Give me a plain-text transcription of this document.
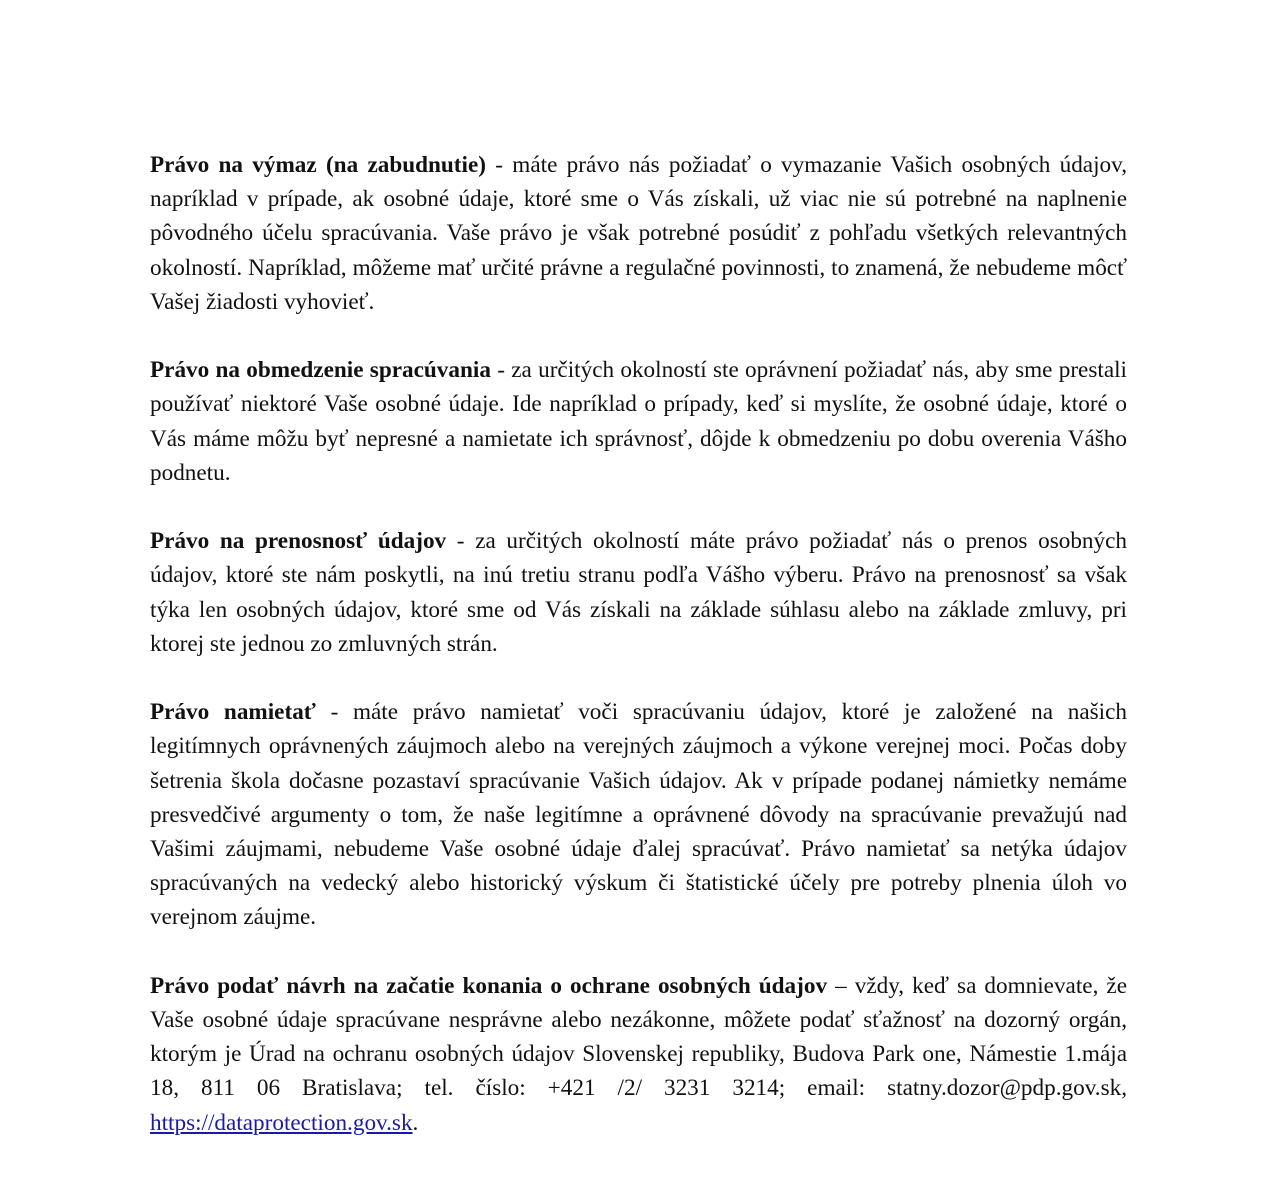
Právo na výmaz (na zabudnutie) - máte právo nás požiadať o vymazanie Vašich osobných údajov, napríklad v prípade, ak osobné údaje, ktoré sme o Vás získali, už viac nie sú potrebné na naplnenie pôvodného účelu spracúvania. Vaše právo je však potrebné posúdiť z pohľadu všetkých relevantných okolností. Napríklad, môžeme mať určité právne a regulačné povinnosti, to znamená, že nebudeme môcť Vašej žiadosti vyhovieť.

Právo na obmedzenie spracúvania - za určitých okolností ste oprávnení požiadať nás, aby sme prestali používať niektoré Vaše osobné údaje. Ide napríklad o prípady, keď si myslíte, že osobné údaje, ktoré o Vás máme môžu byť nepresné a namietate ich správnosť, dôjde k obmedzeniu po dobu overenia Vášho podnetu.

Právo na prenosnosť údajov - za určitých okolností máte právo požiadať nás o prenos osobných údajov, ktoré ste nám poskytli, na inú tretiu stranu podľa Vášho výberu. Právo na prenosnosť sa však týka len osobných údajov, ktoré sme od Vás získali na základe súhlasu alebo na základe zmluvy, pri ktorej ste jednou zo zmluvných strán.

Právo namietať - máte právo namietať voči spracúvaniu údajov, ktoré je založené na našich legitímnych oprávnených záujmoch alebo na verejných záujmoch a výkone verejnej moci. Počas doby šetrenia škola dočasne pozastaví spracúvanie Vašich údajov. Ak v prípade podanej námietky nemáme presvedčivé argumenty o tom, že naše legitímne a oprávnené dôvody na spracúvanie prevažujú nad Vašimi záujmami, nebudeme Vaše osobné údaje ďalej spracúvať. Právo namietať sa netýka údajov spracúvaných na vedecký alebo historický výskum či štatistické účely pre potreby plnenia úloh vo verejnom záujme.

Právo podať návrh na začatie konania o ochrane osobných údajov – vždy, keď sa domnievate, že Vaše osobné údaje spracúvane nesprávne alebo nezákonne, môžete podať sťažnosť na dozorný orgán, ktorým je Úrad na ochranu osobných údajov Slovenskej republiky, Budova Park one, Námestie 1.mája 18, 811 06 Bratislava; tel. číslo: +421 /2/ 3231 3214; email: statny.dozor@pdp.gov.sk, https://dataprotection.gov.sk.
